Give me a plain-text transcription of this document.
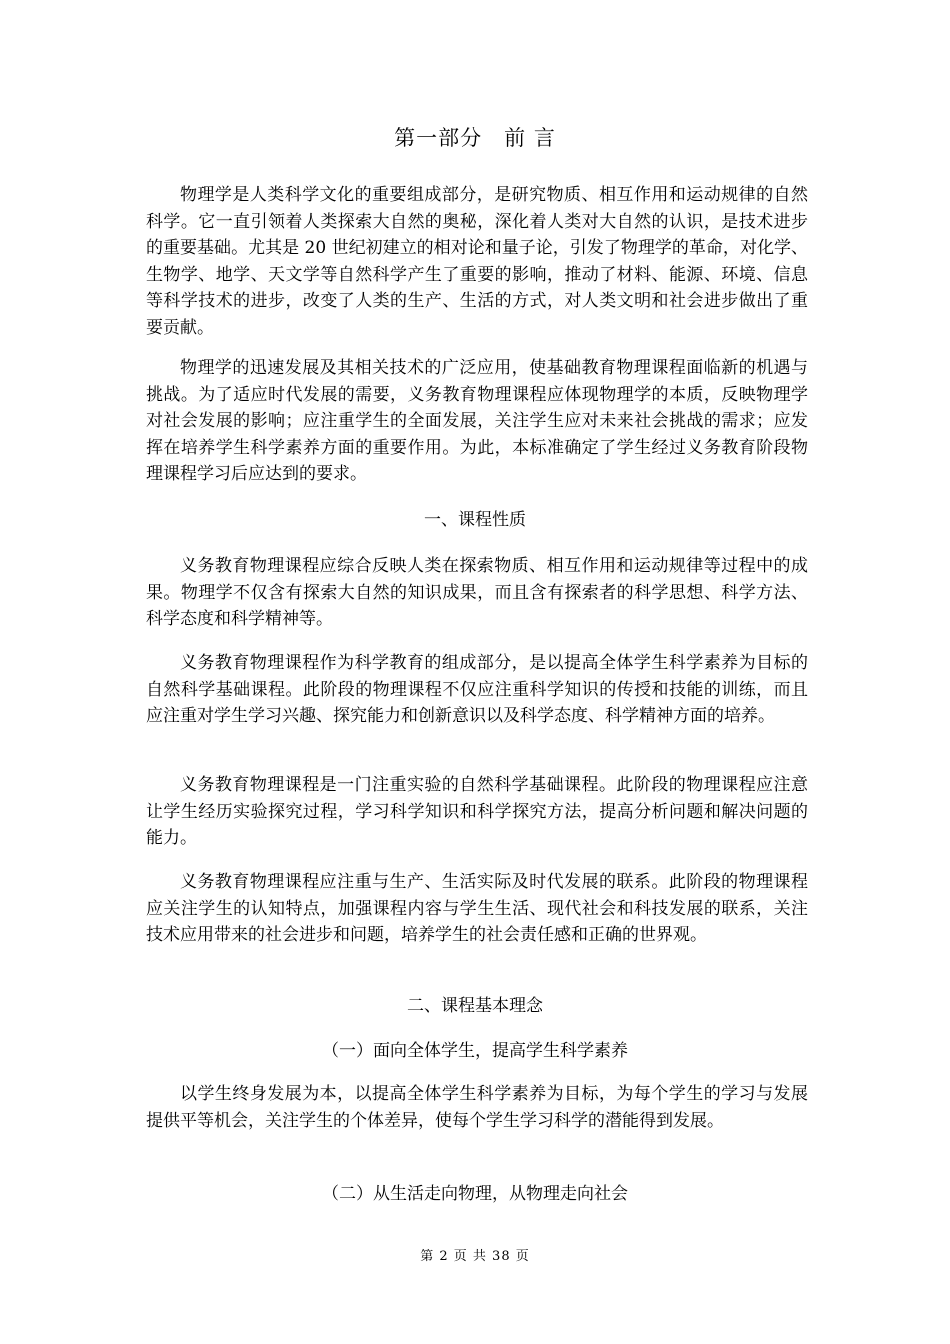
第一部分 前 言

物理学是人类科学文化的重要组成部分，是研究物质、相互作用和运动规律的自然科学。它一直引领着人类探索大自然的奥秘，深化着人类对大自然的认识，是技术进步的重要基础。尤其是 20 世纪初建立的相对论和量子论，引发了物理学的革命，对化学、生物学、地学、天文学等自然科学产生了重要的影响，推动了材料、能源、环境、信息等科学技术的进步，改变了人类的生产、生活的方式，对人类文明和社会进步做出了重要贡献。

物理学的迅速发展及其相关技术的广泛应用，使基础教育物理课程面临新的机遇与挑战。为了适应时代发展的需要，义务教育物理课程应体现物理学的本质，反映物理学对社会发展的影响；应注重学生的全面发展，关注学生应对未来社会挑战的需求；应发挥在培养学生科学素养方面的重要作用。为此，本标准确定了学生经过义务教育阶段物理课程学习后应达到的要求。

一、课程性质

义务教育物理课程应综合反映人类在探索物质、相互作用和运动规律等过程中的成果。物理学不仅含有探索大自然的知识成果，而且含有探索者的科学思想、科学方法、科学态度和科学精神等。

义务教育物理课程作为科学教育的组成部分，是以提高全体学生科学素养为目标的自然科学基础课程。此阶段的物理课程不仅应注重科学知识的传授和技能的训练，而且应注重对学生学习兴趣、探究能力和创新意识以及科学态度、科学精神方面的培养。

义务教育物理课程是一门注重实验的自然科学基础课程。此阶段的物理课程应注意让学生经历实验探究过程，学习科学知识和科学探究方法，提高分析问题和解决问题的能力。

义务教育物理课程应注重与生产、生活实际及时代发展的联系。此阶段的物理课程应关注学生的认知特点，加强课程内容与学生生活、现代社会和科技发展的联系，关注技术应用带来的社会进步和问题，培养学生的社会责任感和正确的世界观。

二、课程基本理念
（一）面向全体学生，提高学生科学素养

以学生终身发展为本，以提高全体学生科学素养为目标，为每个学生的学习与发展提供平等机会，关注学生的个体差异，使每个学生学习科学的潜能得到发展。

（二）从生活走向物理，从物理走向社会
第 2 页 共 38 页
